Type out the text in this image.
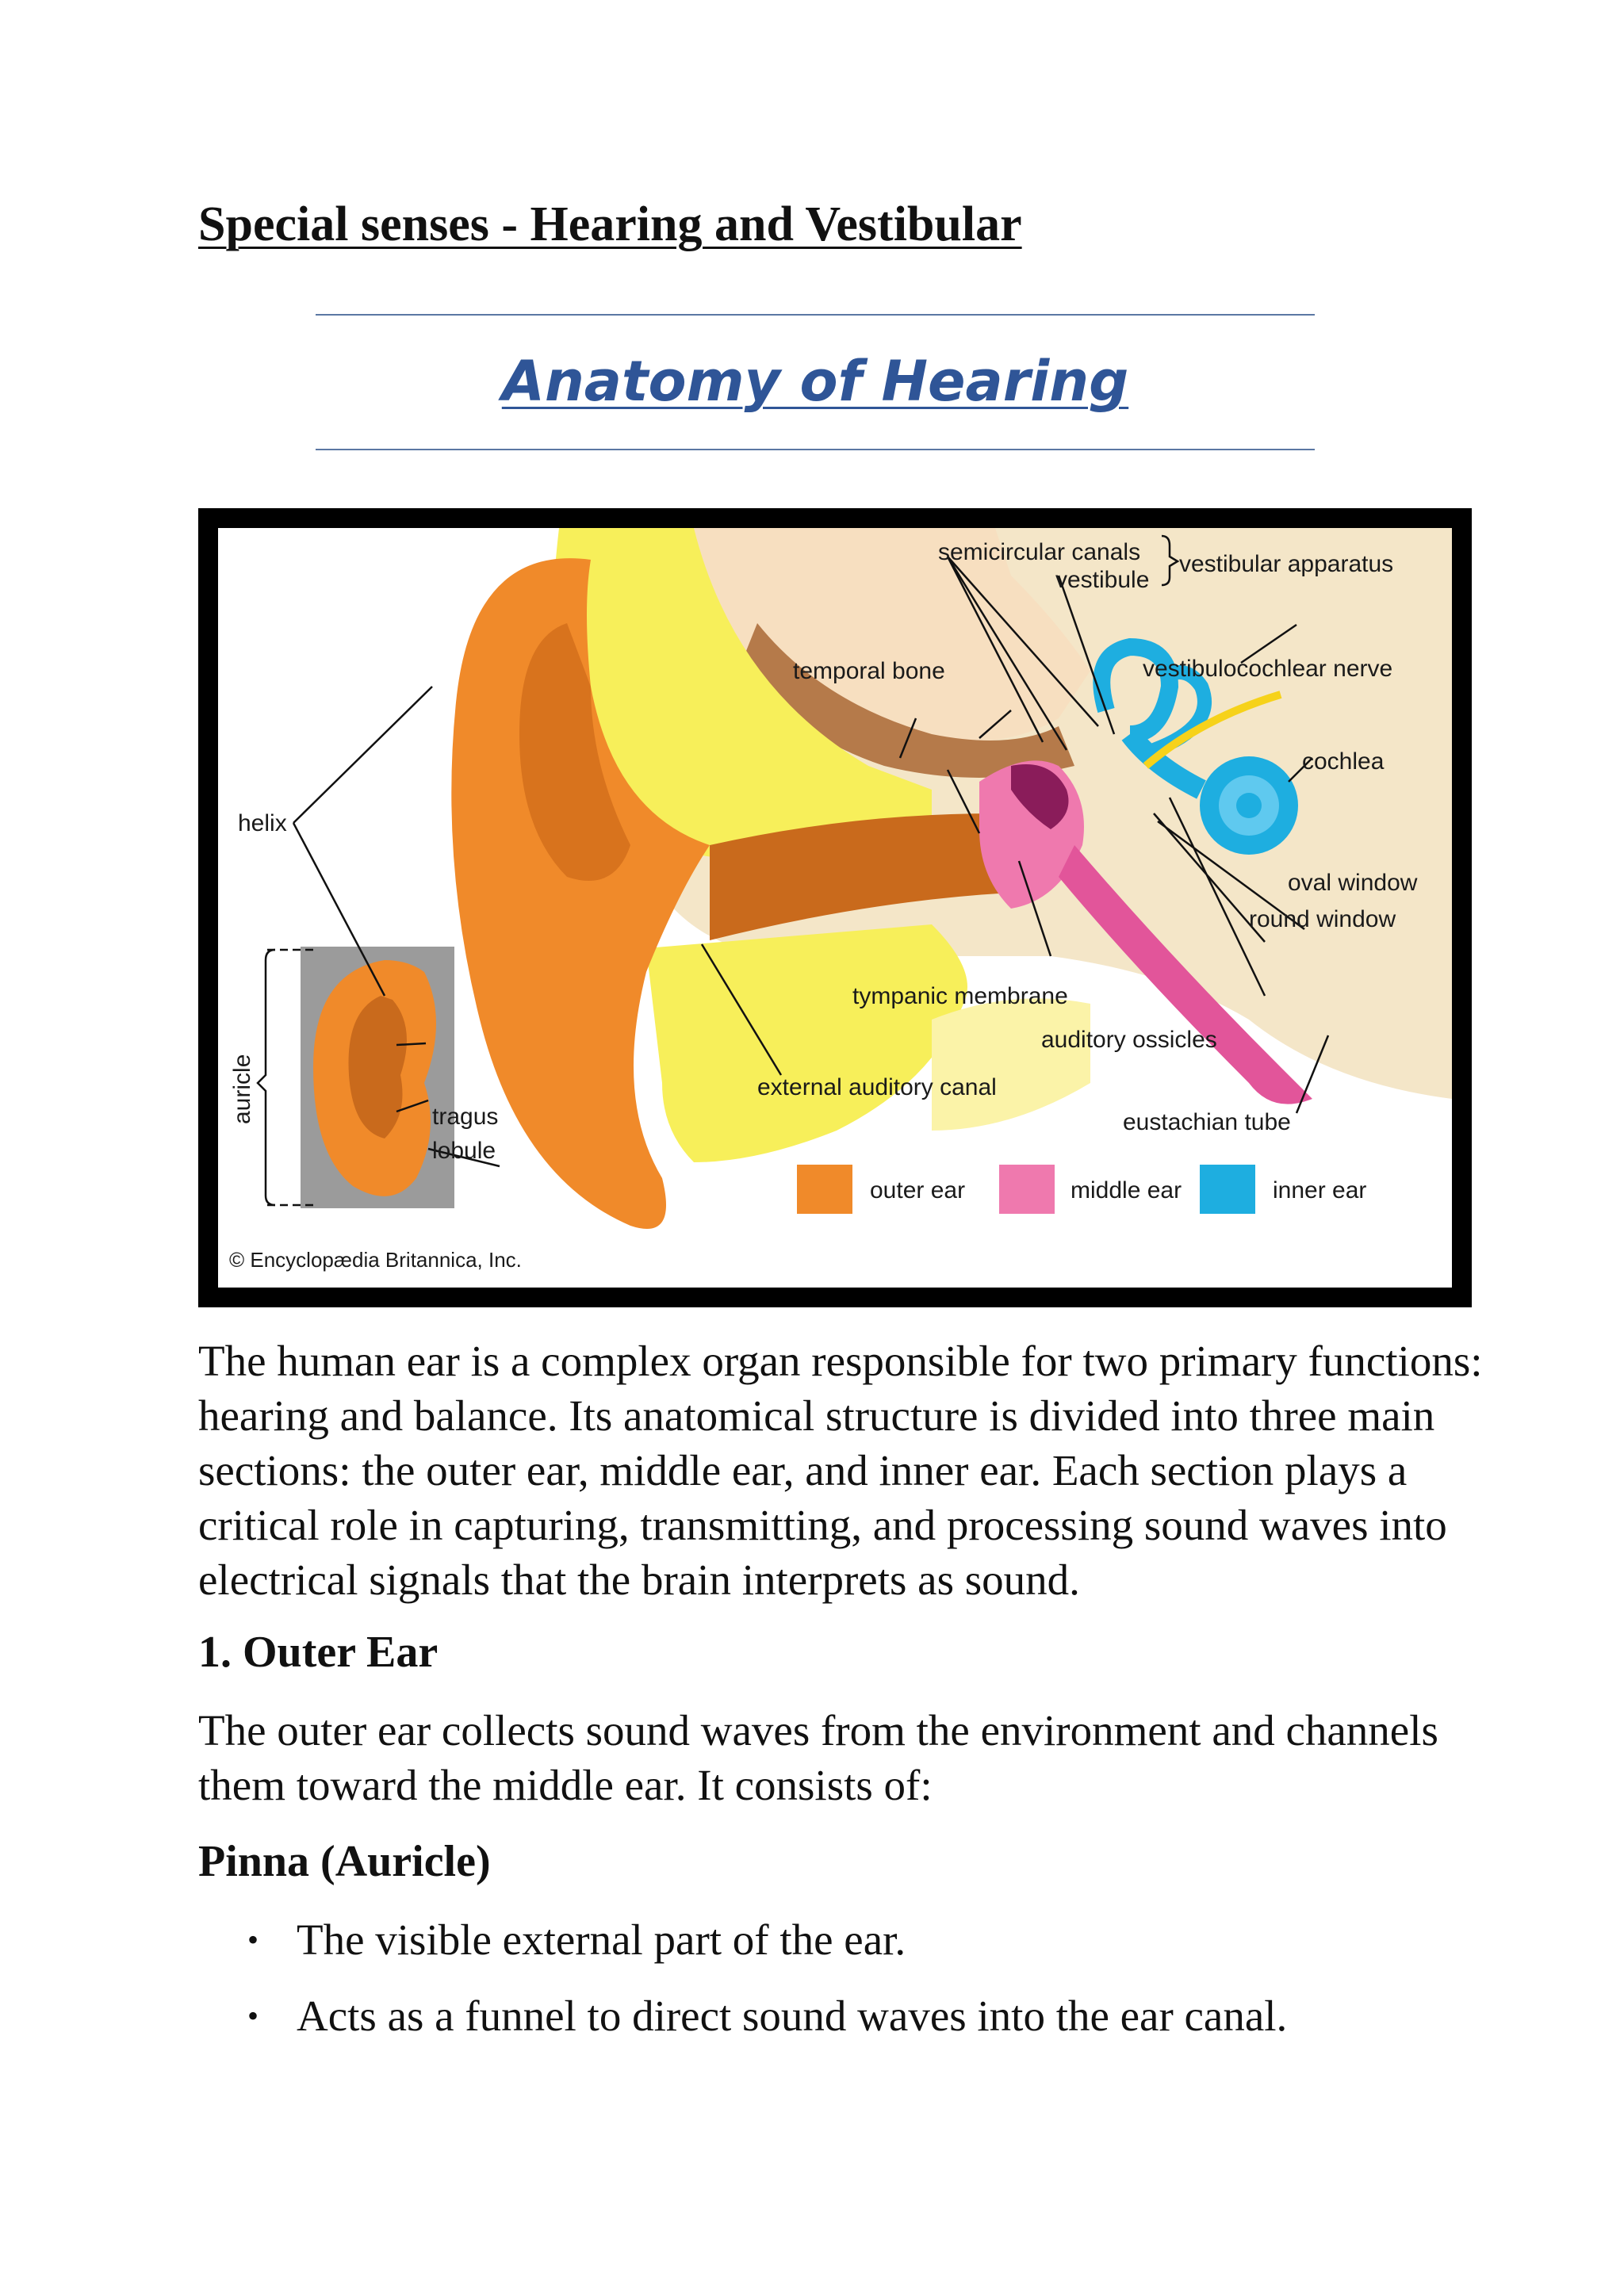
Special senses - Hearing and Vestibular
Anatomy of Hearing
semicircular canals
vestibule
vestibular apparatus
temporal bone	vestibulocochlear nerve
cochlea
helix
oval window
round window
tympanic membrane
auditory ossicles
external auditory canal
eustachian tube
auricle	tragus
lobule
outer ear	middle ear	inner ear
© Encyclopædia Britannica, Inc.

The human ear is a complex organ responsible for two primary functions: hearing and balance. Its anatomical structure is divided into three main sections: the outer ear, middle ear, and inner ear. Each section plays a critical role in capturing, transmitting, and processing sound waves into electrical signals that the brain interprets as sound.

1. Outer Ear

The outer ear collects sound waves from the environment and channels them toward the middle ear. It consists of:

Pinna (Auricle)
• The visible external part of the ear.
• Acts as a funnel to direct sound waves into the ear canal.
